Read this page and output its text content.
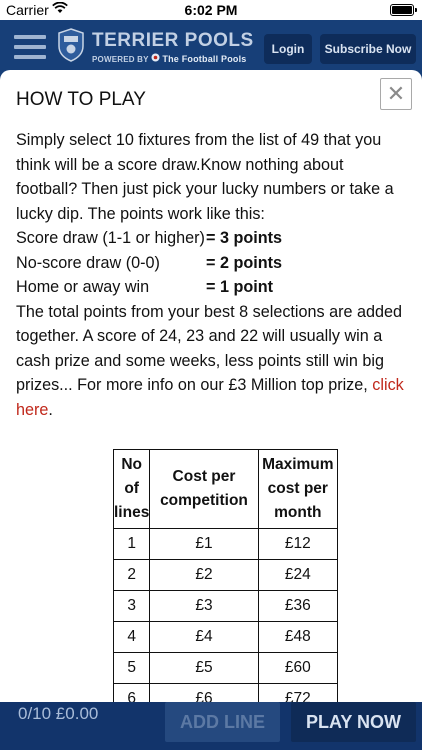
Carrier	6:02 PM
TERRIER POOLS
POWERED BY The Football Pools
Login	Subscribe Now
HOW TO PLAY	✕

Simply select 10 fixtures from the list of 49 that you think will be a score draw.Know nothing about football? Then just pick your lucky numbers or take a lucky dip. The points work like this:

Score draw (1-1 or higher)= 3 points
No-score draw (0-0)	= 2 points
Home or away win	= 1 point

The total points from your best 8 selections are added together. A score of 24, 23 and 22 will usually win a cash prize and some weeks, less points still win big prizes... For more info on our £3 Million top prize, click here.

No of lines	Cost per competition	Maximum cost per month
1	£1	£12
2	£2	£24
3	£3	£36
4	£4	£48
5	£5	£60
6	£6	£72
0/10 £0.00	ADD LINE	PLAY NOW
